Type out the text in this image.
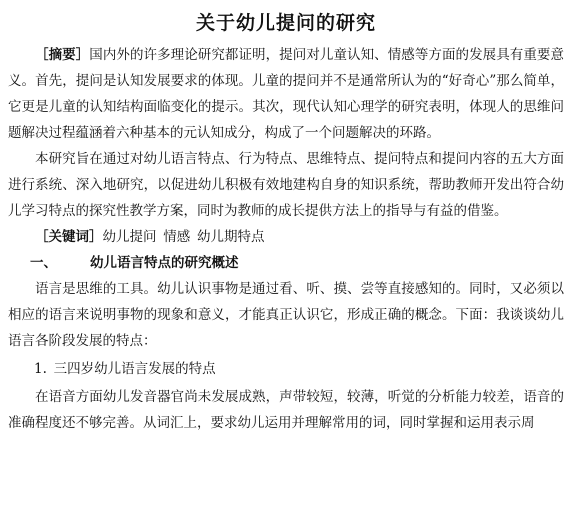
关于幼儿提问的研究

［摘要］国内外的许多理论研究都证明，提问对儿童认知、情感等方面的发展具有重要意义。首先，提问是认知发展要求的体现。儿童的提问并不是通常所认为的“好奇心”那么简单，它更是儿童的认知结构面临变化的提示。其次，现代认知心理学的研究表明，体现人的思维问题解决过程蕴涵着六种基本的元认知成分，构成了一个问题解决的环路。

本研究旨在通过对幼儿语言特点、行为特点、思维特点、提问特点和提问内容的五大方面进行系统、深入地研究，以促进幼儿积极有效地建构自身的知识系统，帮助教师开发出符合幼儿学习特点的探究性教学方案，同时为教师的成长提供方法上的指导与有益的借鉴。

［关键词］幼儿提问  情感  幼儿期特点

一、 幼儿语言特点的研究概述

语言是思维的工具。幼儿认识事物是通过看、听、摸、尝等直接感知的。同时，又必须以相应的语言来说明事物的现象和意义，才能真正认识它，形成正确的概念。下面：我谈谈幼儿语言各阶段发展的特点：

1.  三四岁幼儿语言发展的特点

在语音方面幼儿发音器官尚未发展成熟，声带较短，较薄，听觉的分析能力较差，语音的准确程度还不够完善。从词汇上，要求幼儿运用并理解常用的词，同时掌握和运用表示周
